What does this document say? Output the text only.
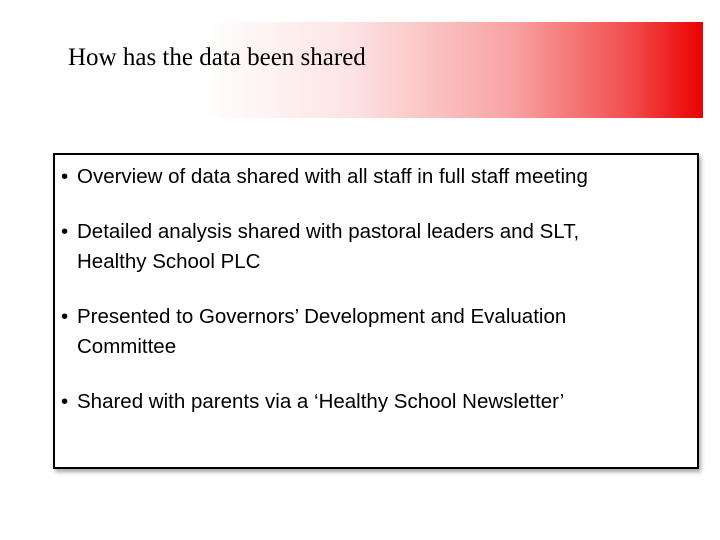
How has the data been shared
• Overview of data shared with all staff in full staff meeting
• Detailed analysis shared with pastoral leaders and SLT,
Healthy School PLC
• Presented to Governors’ Development and Evaluation
Committee
• Shared with parents via a ‘Healthy School Newsletter’
